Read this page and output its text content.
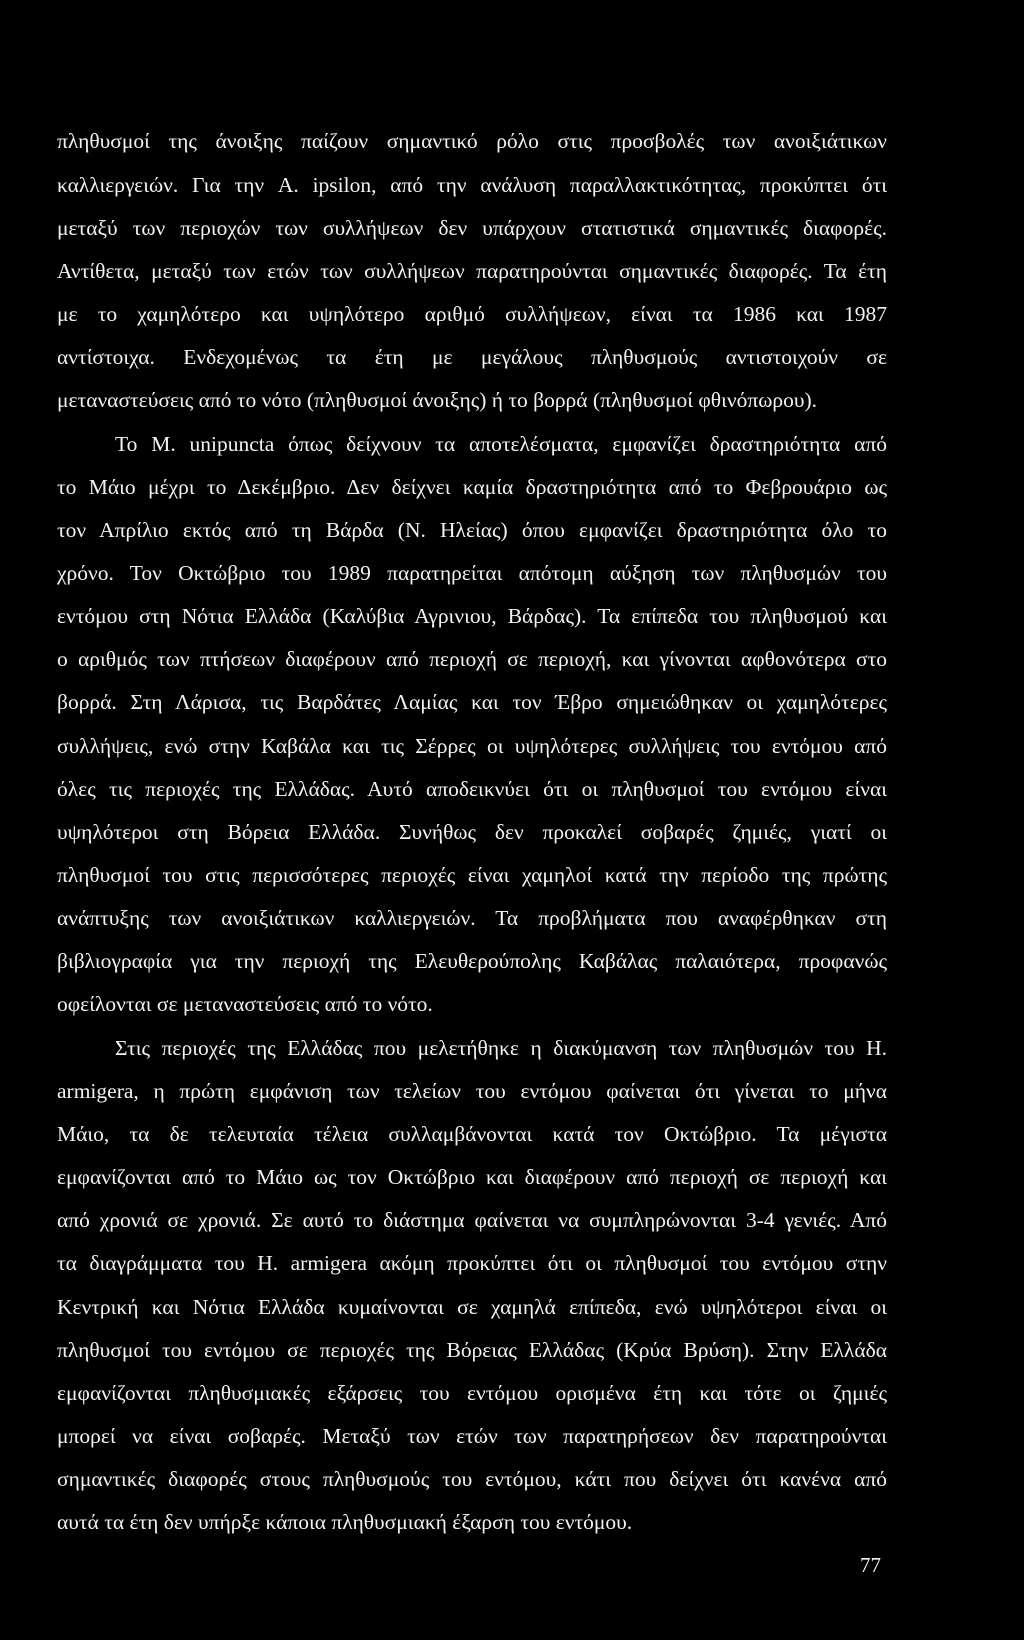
πληθυσμοί της άνοιξης παίζουν σημαντικό ρόλο στις προσβολές των ανοιξιάτικων
καλλιεργειών. Για την A. ipsilon, από την ανάλυση παραλλακτικότητας, προκύπτει ότι
μεταξύ των περιοχών των συλλήψεων δεν υπάρχουν στατιστικά σημαντικές διαφορές.
Αντίθετα, μεταξύ των ετών των συλλήψεων παρατηρούνται σημαντικές διαφορές. Τα έτη
με το χαμηλότερο και υψηλότερο αριθμό συλλήψεων, είναι τα 1986 και 1987
αντίστοιχα. Ενδεχομένως τα έτη με μεγάλους πληθυσμούς αντιστοιχούν σε
μεταναστεύσεις από το νότο (πληθυσμοί άνοιξης) ή το βορρά (πληθυσμοί φθινόπωρου).
Το M. unipuncta όπως δείχνουν τα αποτελέσματα, εμφανίζει δραστηριότητα από
το Μάιο μέχρι το Δεκέμβριο. Δεν δείχνει καμία δραστηριότητα από το Φεβρουάριο ως
τον Απρίλιο εκτός από τη Βάρδα (Ν. Ηλείας) όπου εμφανίζει δραστηριότητα όλο το
χρόνο. Τον Οκτώβριο του 1989 παρατηρείται απότομη αύξηση των πληθυσμών του
εντόμου στη Νότια Ελλάδα (Καλύβια Αγρινιου, Βάρδας). Τα επίπεδα του πληθυσμού και
ο αριθμός των πτήσεων διαφέρουν από περιοχή σε περιοχή, και γίνονται αφθονότερα στο
βορρά. Στη Λάρισα, τις Βαρδάτες Λαμίας και τον Έβρο σημειώθηκαν οι χαμηλότερες
συλλήψεις, ενώ στην Καβάλα και τις Σέρρες οι υψηλότερες συλλήψεις του εντόμου από
όλες τις περιοχές της Ελλάδας. Αυτό αποδεικνύει ότι οι πληθυσμοί του εντόμου είναι
υψηλότεροι στη Βόρεια Ελλάδα. Συνήθως δεν προκαλεί σοβαρές ζημιές, γιατί οι
πληθυσμοί του στις περισσότερες περιοχές είναι χαμηλοί κατά την περίοδο της πρώτης
ανάπτυξης των ανοιξιάτικων καλλιεργειών. Τα προβλήματα που αναφέρθηκαν στη
βιβλιογραφία για την περιοχή της Ελευθερούπολης Καβάλας παλαιότερα, προφανώς
οφείλονται σε μεταναστεύσεις από το νότο.
Στις περιοχές της Ελλάδας που μελετήθηκε η διακύμανση των πληθυσμών του H.
armigera, η πρώτη εμφάνιση των τελείων του εντόμου φαίνεται ότι γίνεται το μήνα
Μάιο, τα δε τελευταία τέλεια συλλαμβάνονται κατά τον Οκτώβριο. Τα μέγιστα
εμφανίζονται από το Μάιο ως τον Οκτώβριο και διαφέρουν από περιοχή σε περιοχή και
από χρονιά σε χρονιά. Σε αυτό το διάστημα φαίνεται να συμπληρώνονται 3-4 γενιές. Από
τα διαγράμματα του H. armigera ακόμη προκύπτει ότι οι πληθυσμοί του εντόμου στην
Κεντρική και Νότια Ελλάδα κυμαίνονται σε χαμηλά επίπεδα, ενώ υψηλότεροι είναι οι
πληθυσμοί του εντόμου σε περιοχές της Βόρειας Ελλάδας (Κρύα Βρύση). Στην Ελλάδα
εμφανίζονται πληθυσμιακές εξάρσεις του εντόμου ορισμένα έτη και τότε οι ζημιές
μπορεί να είναι σοβαρές. Μεταξύ των ετών των παρατηρήσεων δεν παρατηρούνται
σημαντικές διαφορές στους πληθυσμούς του εντόμου, κάτι που δείχνει ότι κανένα από
αυτά τα έτη δεν υπήρξε κάποια πληθυσμιακή έξαρση του εντόμου.
77
